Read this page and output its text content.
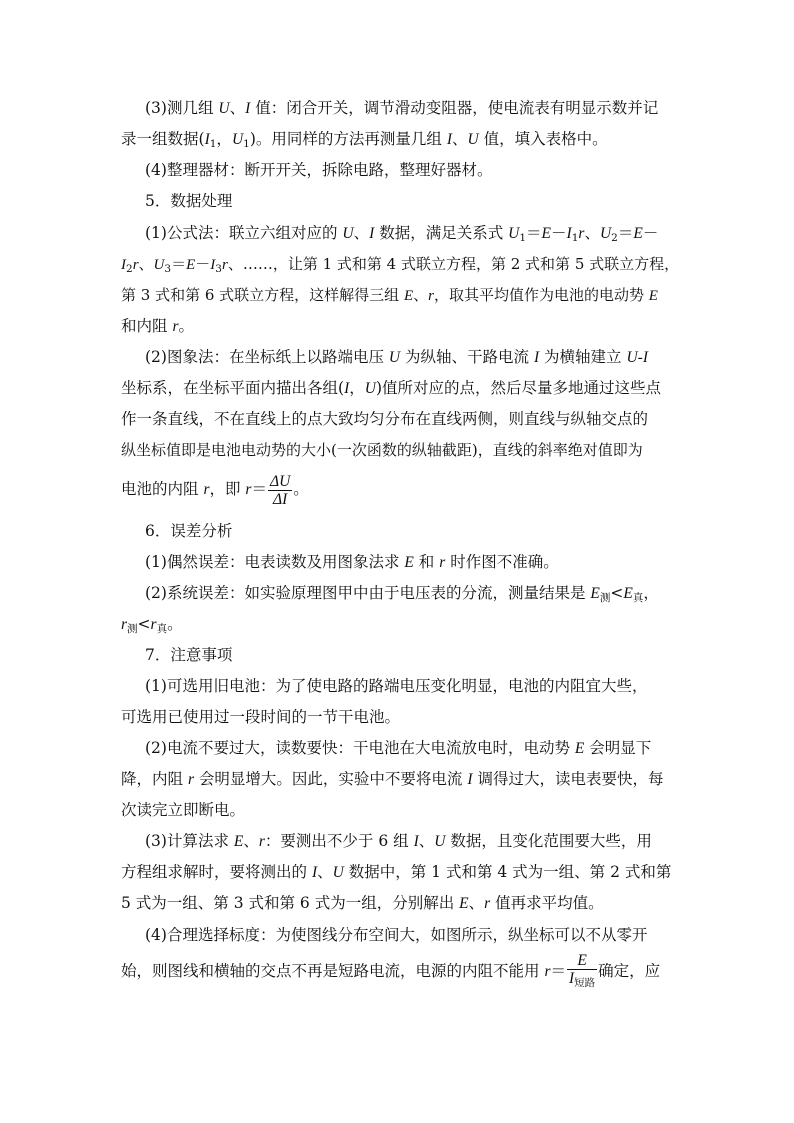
(3)测几组 U、I 值：闭合开关，调节滑动变阻器，使电流表有明显示数并记
录一组数据($I_1$，$U_1$)。用同样的方法再测量几组 I、U 值，填入表格中。
(4)整理器材：断开开关，拆除电路，整理好器材。
5．数据处理
(1)公式法：联立六组对应的 U、I 数据，满足关系式 $U_1=E-I_1r$、$U_2=E-$
$I_2r$、$U_3=E-I_3r$、……，让第 1 式和第 4 式联立方程，第 2 式和第 5 式联立方程，
第 3 式和第 6 式联立方程，这样解得三组 E、r，取其平均值作为电池的电动势 E
和内阻 r。
(2)图象法：在坐标纸上以路端电压 U 为纵轴、干路电流 I 为横轴建立 U-I
坐标系，在坐标平面内描出各组(I，U)值所对应的点，然后尽量多地通过这些点
作一条直线，不在直线上的点大致均匀分布在直线两侧，则直线与纵轴交点的
纵坐标值即是电池电动势的大小(一次函数的纵轴截距)，直线的斜率绝对值即为
电池的内阻 r，即 $r= \frac{\Delta U}{\Delta I}$ 。
6．误差分析
(1)偶然误差：电表读数及用图象法求 E 和 r 时作图不准确。
(2)系统误差：如实验原理图甲中由于电压表的分流，测量结果是 $E_测<E_真$，
$r_测<r_真$。
7．注意事项
(1)可选用旧电池：为了使电路的路端电压变化明显，电池的内阻宜大些，
可选用已使用过一段时间的一节干电池。
(2)电流不要过大，读数要快：干电池在大电流放电时，电动势 E 会明显下
降，内阻 r 会明显增大。因此，实验中不要将电流 I 调得过大，读电表要快，每
次读完立即断电。
(3)计算法求 E、r：要测出不少于 6 组 I、U 数据，且变化范围要大些，用
方程组求解时，要将测出的 I、U 数据中，第 1 式和第 4 式为一组、第 2 式和第
5 式为一组、第 3 式和第 6 式为一组，分别解出 E、r 值再求平均值。
(4)合理选择标度：为使图线分布空间大，如图所示，纵坐标可以不从零开
始，则图线和横轴的交点不再是短路电流，电源的内阻不能用 $r= \frac{E}{I_{短路}}$ 确定，应
